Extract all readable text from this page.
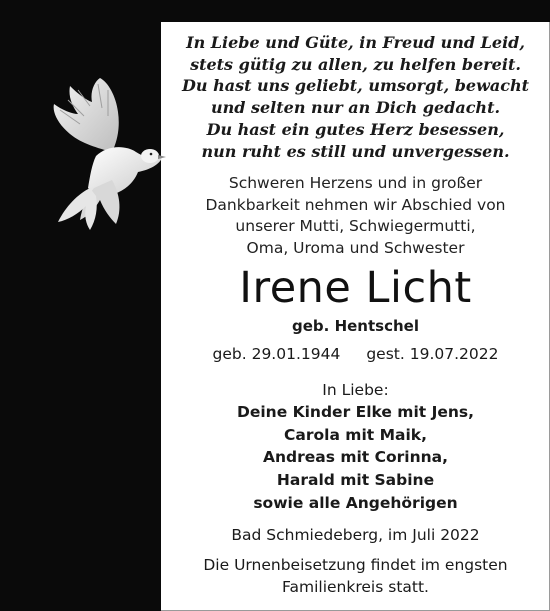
In Liebe und Güte, in Freud und Leid,
stets gütig zu allen, zu helfen bereit.
Du hast uns geliebt, umsorgt, bewacht
und selten nur an Dich gedacht.
Du hast ein gutes Herz besessen,
nun ruht es still und unvergessen.
Schweren Herzens und in großer
Dankbarkeit nehmen wir Abschied von
unserer Mutti, Schwiegermutti,
Oma, Uroma und Schwester
Irene Licht
geb. Hentschel
geb. 29.01.1944 gest. 19.07.2022
In Liebe:
Deine Kinder Elke mit Jens,
Carola mit Maik,
Andreas mit Corinna,
Harald mit Sabine
sowie alle Angehörigen
Bad Schmiedeberg, im Juli 2022
Die Urnenbeisetzung findet im engsten
Familienkreis statt.
